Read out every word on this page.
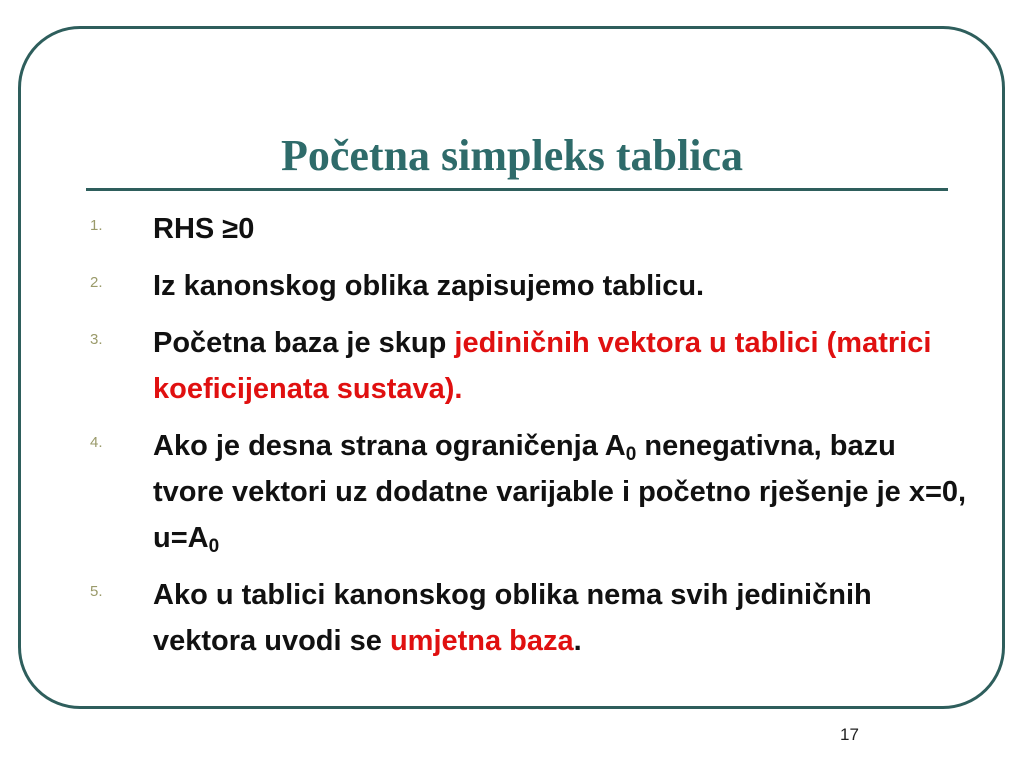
Početna simpleks tablica
1. RHS ≥0
2. Iz kanonskog oblika zapisujemo tablicu.
3. Početna baza je skup jediničnih vektora u tablici (matrici koeficijenata sustava).
4. Ako je desna strana ograničenja $A_0$ nenegativna, bazu tvore vektori uz dodatne varijable i početno rješenje je x=0, $u=A_0$
5. Ako u tablici kanonskog oblika nema svih jediničnih vektora uvodi se umjetna baza.
17
